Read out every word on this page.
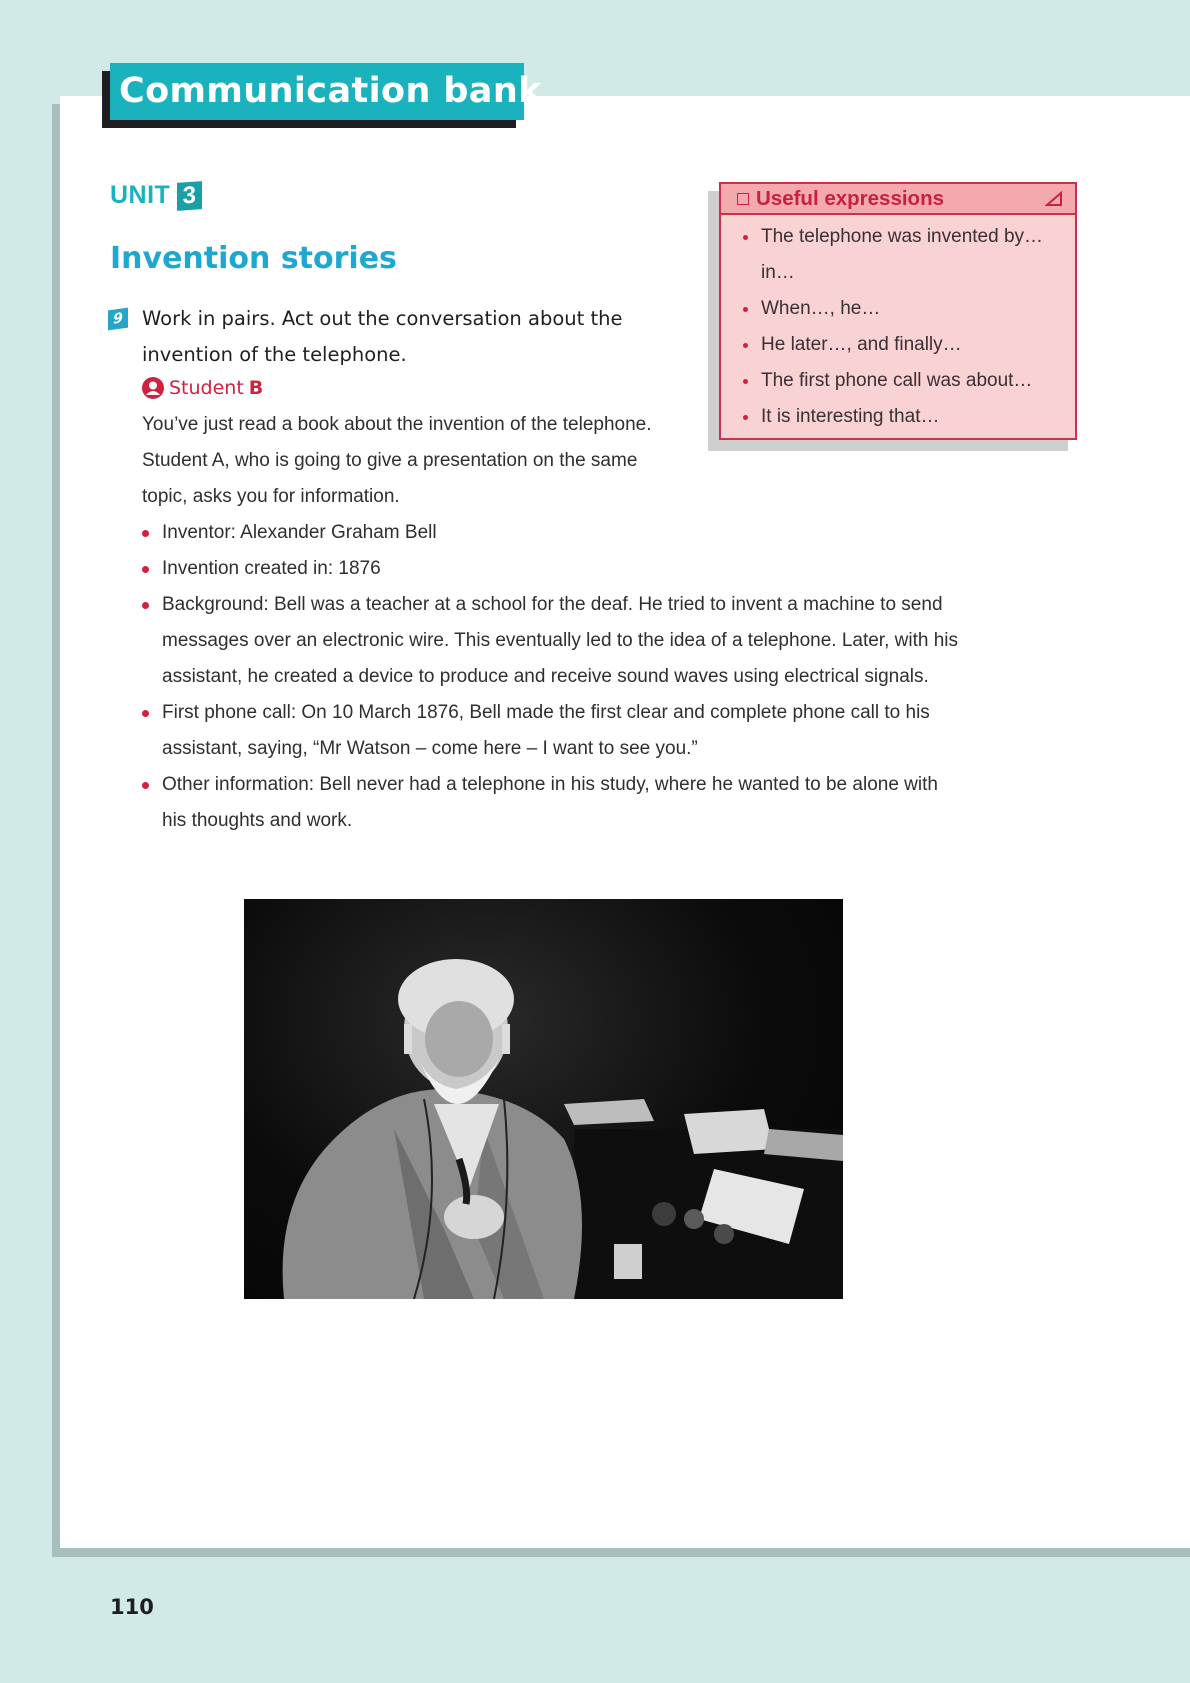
Communication bank
UNIT 3
Invention stories
9 Work in pairs. Act out the conversation about the invention of the telephone.
Student B
You’ve just read a book about the invention of the telephone. Student A, who is going to give a presentation on the same topic, asks you for information.
Inventor: Alexander Graham Bell
Invention created in: 1876
Background: Bell was a teacher at a school for the deaf. He tried to invent a machine to send messages over an electronic wire. This eventually led to the idea of a telephone. Later, with his assistant, he created a device to produce and receive sound waves using electrical signals.
First phone call: On 10 March 1876, Bell made the first clear and complete phone call to his assistant, saying, “Mr Watson – come here – I want to see you.”
Other information: Bell never had a telephone in his study, where he wanted to be alone with his thoughts and work.
Useful expressions
The telephone was invented by… in…
When…, he…
He later…, and finally…
The first phone call was about…
It is interesting that…
110
